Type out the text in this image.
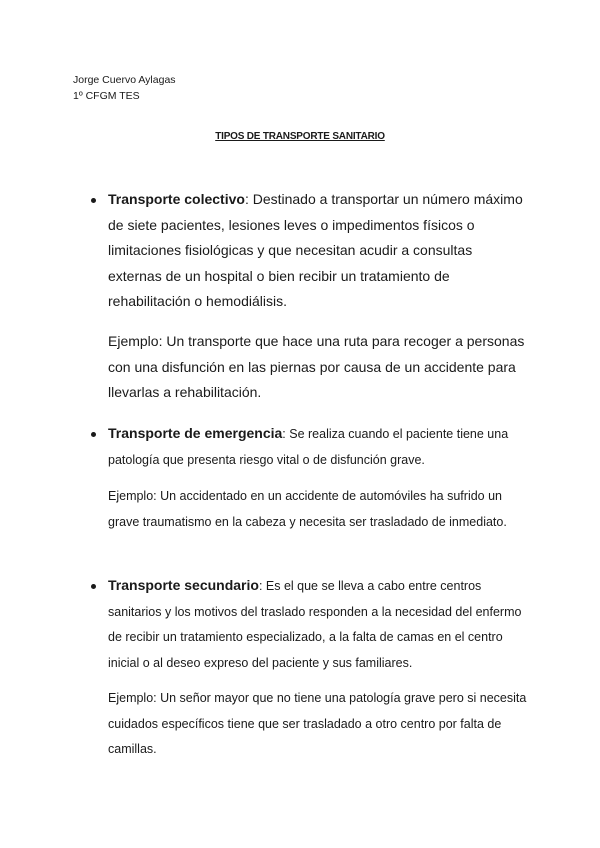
Jorge Cuervo Aylagas
1º CFGM TES
TIPOS DE TRANSPORTE SANITARIO

Transporte colectivo: Destinado a transportar un número máximo de siete pacientes, lesiones leves o impedimentos físicos o limitaciones fisiológicas y que necesitan acudir a consultas externas de un hospital o bien recibir un tratamiento de rehabilitación o hemodiálisis.

Ejemplo: Un transporte que hace una ruta para recoger a personas con una disfunción en las piernas por causa de un accidente para llevarlas a rehabilitación.

Transporte de emergencia: Se realiza cuando el paciente tiene una patología que presenta riesgo vital o de disfunción grave.

Ejemplo: Un accidentado en un accidente de automóviles ha sufrido un grave traumatismo en la cabeza y necesita ser trasladado de inmediato.

Transporte secundario: Es el que se lleva a cabo entre centros sanitarios y los motivos del traslado responden a la necesidad del enfermo de recibir un tratamiento especializado, a la falta de camas en el centro inicial o al deseo expreso del paciente y sus familiares.

Ejemplo: Un señor mayor que no tiene una patología grave pero si necesita cuidados específicos tiene que ser trasladado a otro centro por falta de camillas.
